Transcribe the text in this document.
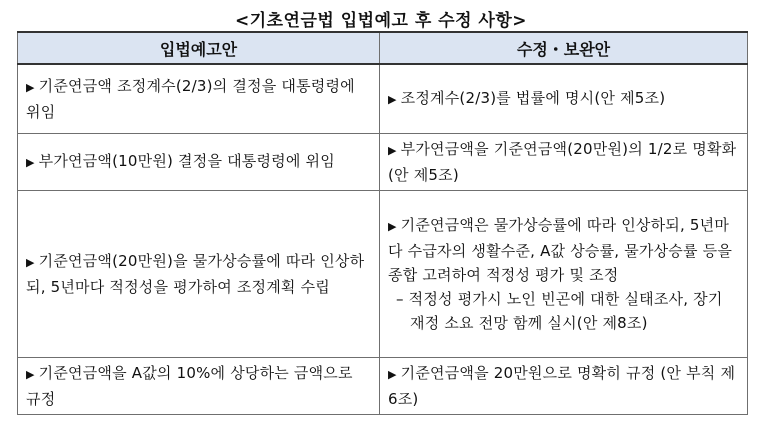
<기초연금법 입법예고 후 수정 사항>
입법예고안	수정・보완안
▶ 기준연금액 조정계수(2/3)의 결정을 대통령령에 위임	▶ 조정계수(2/3)를 법률에 명시(안 제5조)
▶ 부가연금액(10만원) 결정을 대통령령에 위임	▶ 부가연금액을 기준연금액(20만원)의 1/2로 명확화(안 제5조)
▶ 기준연금액(20만원)을 물가상승률에 따라 인상하되, 5년마다 적정성을 평가하여 조정계획 수립	▶ 기준연금액은 물가상승률에 따라 인상하되, 5년마다 수급자의 생활수준, A값 상승률, 물가상승률 등을 종합 고려하여 적정성 평가 및 조정
– 적정성 평가시 노인 빈곤에 대한 실태조사, 장기 재정 소요 전망 함께 실시(안 제8조)

▶ 기준연금액을 A값의 10%에 상당하는 금액으로 규정	▶ 기준연금액을 20만원으로 명확히 규정 (안 부칙 제6조)
